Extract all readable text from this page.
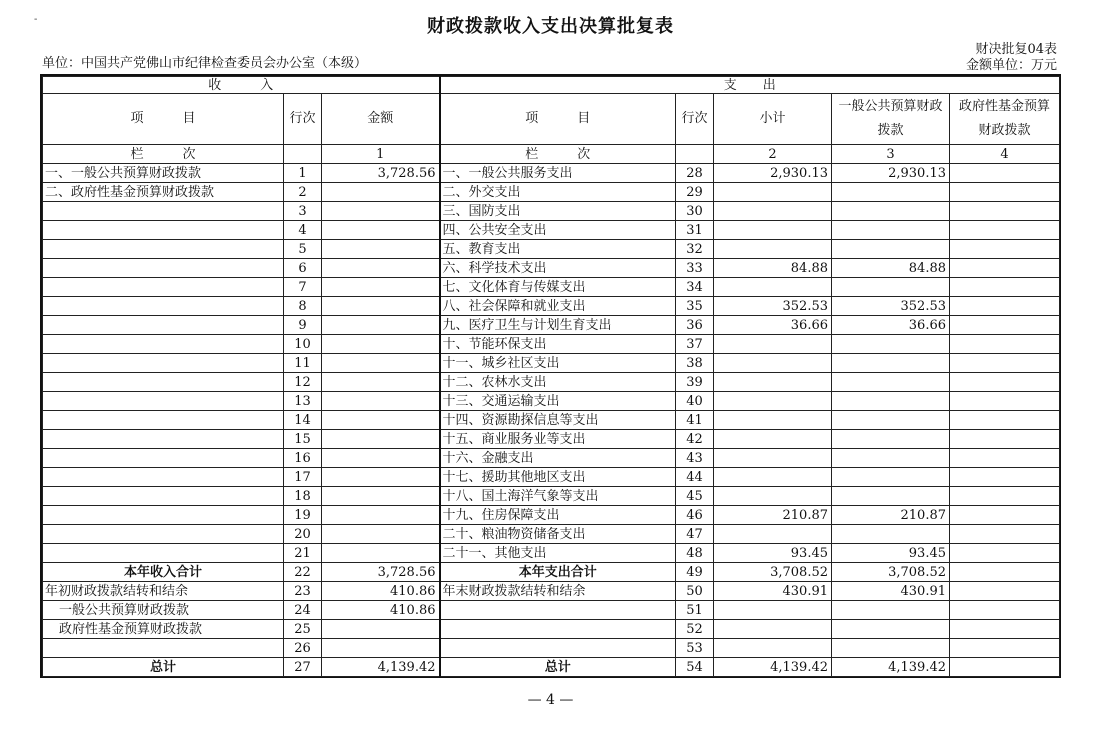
-	财政拨款收入支出决算批复表
单位：中国共产党佛山市纪律检查委员会办公室（本级）
财决批复04表
金额单位：万元
收　　　入			支　　出				
项　　　目	行次	金额	项　　　目	行次	小计	一般公共预算财政拨款	政府性基金预算财政拨款
栏　　　次		1	栏　　　次		2	3	4
一、一般公共预算财政拨款	1	3,728.56	一、一般公共服务支出	28	2,930.13	2,930.13	
二、政府性基金预算财政拨款	2		二、外交支出	29			
	3		三、国防支出	30			
	4		四、公共安全支出	31			
	5		五、教育支出	32			
	6		六、科学技术支出	33	84.88	84.88	
	7		七、文化体育与传媒支出	34			
	8		八、社会保障和就业支出	35	352.53	352.53	
	9		九、医疗卫生与计划生育支出	36	36.66	36.66	
	10		十、节能环保支出	37			
	11		十一、城乡社区支出	38			
	12		十二、农林水支出	39			
	13		十三、交通运输支出	40			
	14		十四、资源勘探信息等支出	41			
	15		十五、商业服务业等支出	42			
	16		十六、金融支出	43			
	17		十七、援助其他地区支出	44			
	18		十八、国土海洋气象等支出	45			
	19		十九、住房保障支出	46	210.87	210.87	
	20		二十、粮油物资储备支出	47			
	21		二十一、其他支出	48	93.45	93.45	
本年收入合计	22	3,728.56	本年支出合计	49	3,708.52	3,708.52	
年初财政拨款结转和结余	23	410.86	年末财政拨款结转和结余	50	430.91	430.91	
一般公共预算财政拨款	24	410.86		51			
政府性基金预算财政拨款	25			52			
	26			53			
总计	27	4,139.42	总计	54	4,139.42	4,139.42	
— 4 —
